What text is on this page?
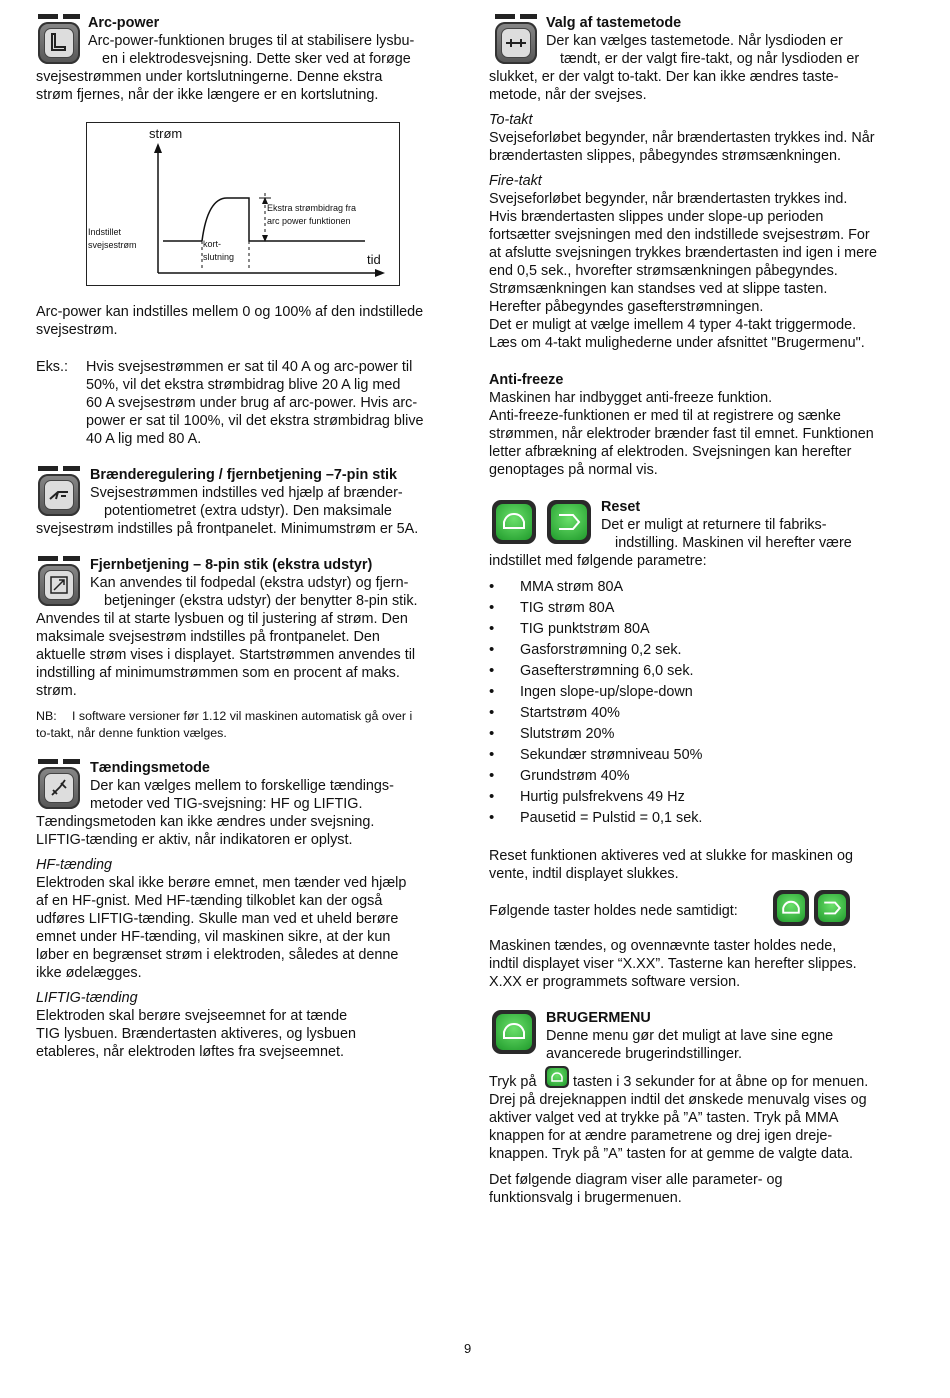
Arc-power

Arc-power-funktionen bruges til at stabilisere lysbu-

en i elektrodesvejsning. Dette sker ved at forøge

svejsestrømmen under kortslutningerne. Denne ekstra

strøm fjernes, når der ikke længere er en kortslutning.

strøm
tid
Indstillet
svejsestrøm	kort-
slutning
Ekstra strømbidrag fra
arc power funktionen

Arc-power kan indstilles mellem 0 og 100% af den indstillede

svejsestrøm.

Eks.: Hvis svejsestrømmen er sat til 40 A og arc-power til

50%, vil det ekstra strømbidrag blive 20 A lig med

60 A svejsestrøm under brug af arc-power. Hvis arc-

power er sat til 100%, vil det ekstra strømbidrag blive

40 A lig med 80 A.

Brænderegulering / fjernbetjening –7-pin stik

Svejsestrømmen indstilles ved hjælp af brænder-

potentiometret (extra udstyr). Den maksimale

svejsestrøm indstilles på frontpanelet. Minimumstrøm er 5A.

Fjernbetjening – 8-pin stik (ekstra udstyr)

Kan anvendes til fodpedal (ekstra udstyr) og fjern-

betjeninger (ekstra udstyr) der benytter 8-pin stik.

Anvendes til at starte lysbuen og til justering af strøm. Den

maksimale svejsestrøm indstilles på frontpanelet. Den

aktuelle strøm vises i displayet. Startstrømmen anvendes til

indstilling af minimumstrømmen som en procent af maks.

strøm.

NB: I software versioner før 1.12 vil maskinen automatisk gå over i

to-takt, når denne funktion vælges.

Tændingsmetode

Der kan vælges mellem to forskellige tændings-

metoder ved TIG-svejsning: HF og LIFTIG.

Tændingsmetoden kan ikke ændres under svejsning.

LIFTIG-tænding er aktiv, når indikatoren er oplyst.

HF-tænding

Elektroden skal ikke berøre emnet, men tænder ved hjælp

af en HF-gnist. Med HF-tænding tilkoblet kan der også

udføres LIFTIG-tænding. Skulle man ved et uheld berøre

emnet under HF-tænding, vil maskinen sikre, at der kun

løber en begrænset strøm i elektroden, således at denne

ikke ødelægges.

LIFTIG-tænding

Elektroden skal berøre svejseemnet for at tænde

TIG lysbuen. Brændertasten aktiveres, og lysbuen

etableres, når elektroden løftes fra svejseemnet.

Valg af tastemetode

Der kan vælges tastemetode. Når lysdioden er

tændt, er der valgt fire-takt, og når lysdioden er

slukket, er der valgt to-takt. Der kan ikke ændres taste-

metode, når der svejses.

To-takt

Svejseforløbet begynder, når brændertasten trykkes ind. Når

brændertasten slippes, påbegyndes strømsænkningen.

Fire-takt

Svejseforløbet begynder, når brændertasten trykkes ind.

Hvis brændertasten slippes under slope-up perioden

fortsætter svejsningen med den indstillede svejsestrøm. For

at afslutte svejsningen trykkes brændertasten ind igen i mere

end 0,5 sek., hvorefter strømsænkningen påbegyndes.

Strømsænkningen kan standses ved at slippe tasten.

Herefter påbegyndes gasefterstrømningen.

Det er muligt at vælge imellem 4 typer 4-takt triggermode.

Læs om 4-takt mulighederne under afsnittet "Brugermenu".

Anti-freeze

Maskinen har indbygget anti-freeze funktion.

Anti-freeze-funktionen er med til at registrere og sænke

strømmen, når elektroder brænder fast til emnet. Funktionen

letter afbrækning af elektroden. Svejsningen kan herefter

genoptages på normal vis.

Reset

Det er muligt at returnere til fabriks-

indstilling. Maskinen vil herefter være

indstillet med følgende parametre:

• MMA strøm 80A
• TIG strøm 80A
• TIG punktstrøm 80A
• Gasforstrømning 0,2 sek.
• Gasefterstrømning 6,0 sek.
• Ingen slope-up/slope-down
• Startstrøm 40%
• Slutstrøm 20%
• Sekundær strømniveau 50%
• Grundstrøm 40%
• Hurtig pulsfrekvens 49 Hz
• Pausetid = Pulstid = 0,1 sek.

Reset funktionen aktiveres ved at slukke for maskinen og

vente, indtil displayet slukkes.

Følgende taster holdes nede samtidigt:

Maskinen tændes, og ovennævnte taster holdes nede,

indtil displayet viser “X.XX”. Tasterne kan herefter slippes.

X.XX er programmets software version.

BRUGERMENU

Denne menu gør det muligt at lave sine egne

avancerede brugerindstillinger.

Tryk på	tasten i 3 sekunder for at åbne op for menuen.

Drej på drejeknappen indtil det ønskede menuvalg vises og

aktiver valget ved at trykke på ”A” tasten. Tryk på MMA

knappen for at ændre parametrene og drej igen dreje-

knappen. Tryk på ”A” tasten for at gemme de valgte data.

Det følgende diagram viser alle parameter- og

funktionsvalg i brugermenuen.

9
